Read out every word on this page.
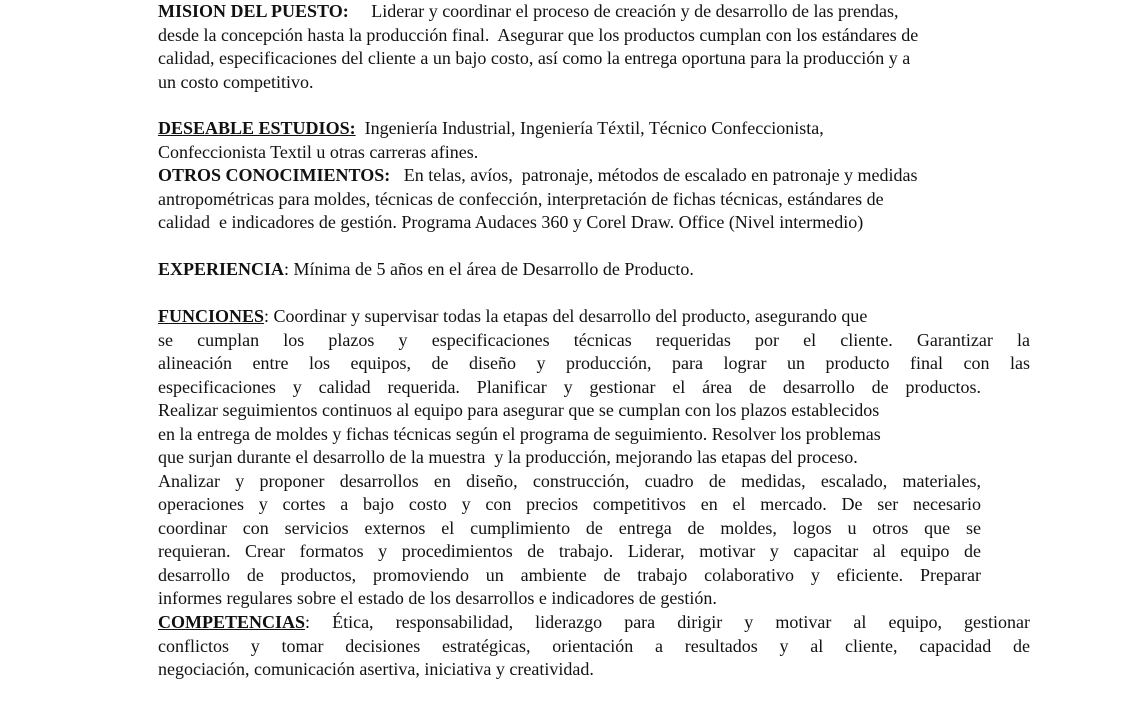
MISION DEL PUESTO:     Liderar y coordinar el proceso de creación y de desarrollo de las prendas,
desde la concepción hasta la producción final.  Asegurar que los productos cumplan con los estándares de
calidad, especificaciones del cliente a un bajo costo, así como la entrega oportuna para la producción y a
un costo competitivo.
DESEABLE ESTUDIOS:  Ingeniería Industrial, Ingeniería Téxtil, Técnico Confeccionista,
Confeccionista Textil u otras carreras afines.
OTROS CONOCIMIENTOS:   En telas, avíos,  patronaje, métodos de escalado en patronaje y medidas
antropométricas para moldes, técnicas de confección, interpretación de fichas técnicas, estándares de
calidad  e indicadores de gestión. Programa Audaces 360 y Corel Draw. Office (Nivel intermedio)
EXPERIENCIA: Mínima de 5 años en el área de Desarrollo de Producto.
FUNCIONES: Coordinar y supervisar todas la etapas del desarrollo del producto, asegurando que
se cumplan los plazos y especificaciones técnicas requeridas por el cliente. Garantizar la
alineación entre los equipos, de diseño y producción, para lograr un producto final con las
especificaciones y calidad requerida. Planificar y gestionar el área de desarrollo de productos.
Realizar seguimientos continuos al equipo para asegurar que se cumplan con los plazos establecidos
en la entrega de moldes y fichas técnicas según el programa de seguimiento. Resolver los problemas
que surjan durante el desarrollo de la muestra  y la producción, mejorando las etapas del proceso.
Analizar y proponer desarrollos en diseño, construcción, cuadro de medidas, escalado, materiales,
operaciones y cortes a bajo costo y con precios competitivos en el mercado. De ser necesario
coordinar con servicios externos el cumplimiento de entrega de moldes, logos u otros que se
requieran. Crear formatos y procedimientos de trabajo. Liderar, motivar y capacitar al equipo de
desarrollo de productos, promoviendo un ambiente de trabajo colaborativo y eficiente. Preparar
informes regulares sobre el estado de los desarrollos e indicadores de gestión.
COMPETENCIAS: Ética, responsabilidad, liderazgo para dirigir y motivar al equipo, gestionar
conflictos y tomar decisiones estratégicas, orientación a resultados y al cliente, capacidad de
negociación, comunicación asertiva, iniciativa y creatividad.
